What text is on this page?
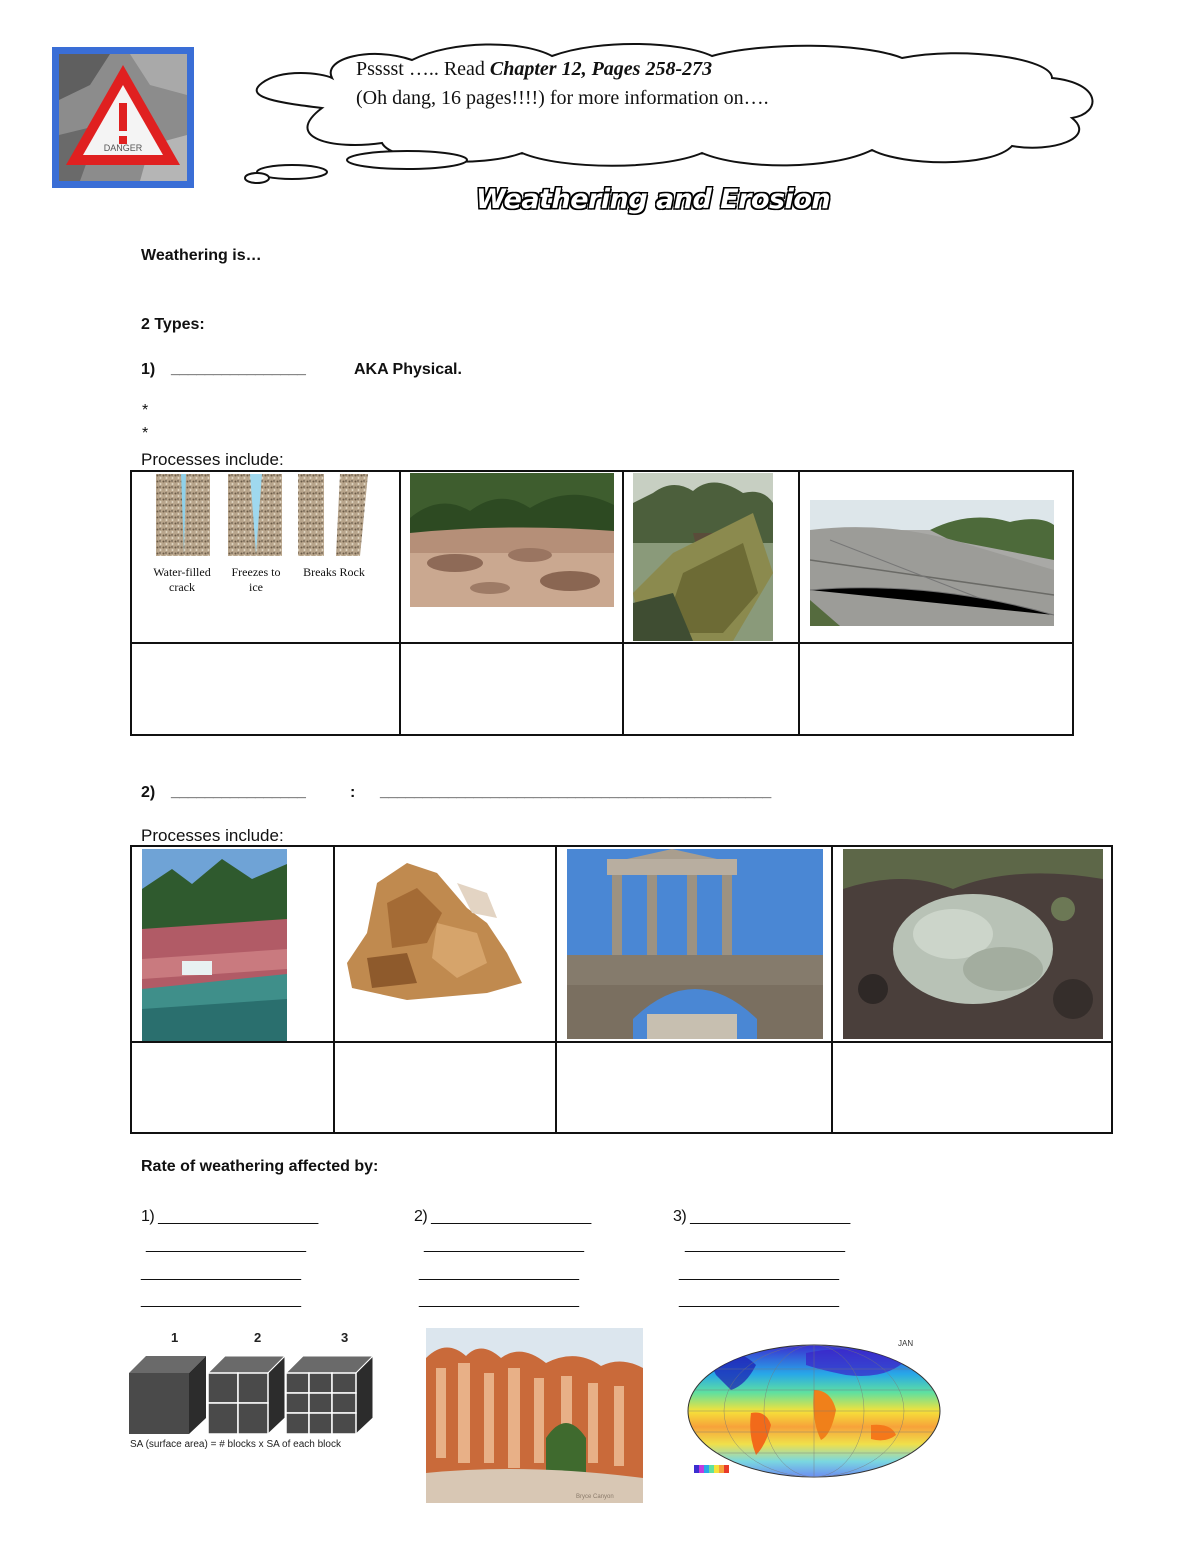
DANGER
Psssst ….. Read Chapter 12, Pages 258-273
(Oh dang, 16 pages!!!!) for more information on….
Weathering and Erosion
Weathering is…
2 Types:
1) ________________	AKA Physical.
*
*
Processes include:
Water-filled crack
Freezes to ice
Breaks Rock
2) ________________	: ______________________________________________
Processes include:
Rate of weathering affected by:
1) ___________________
___________________
___________________
___________________
2) ___________________
___________________
___________________
___________________
3) ___________________
___________________
___________________
___________________
1	2	3
SA (surface area) = # blocks x SA of each block
Bryce Canyon
JAN
